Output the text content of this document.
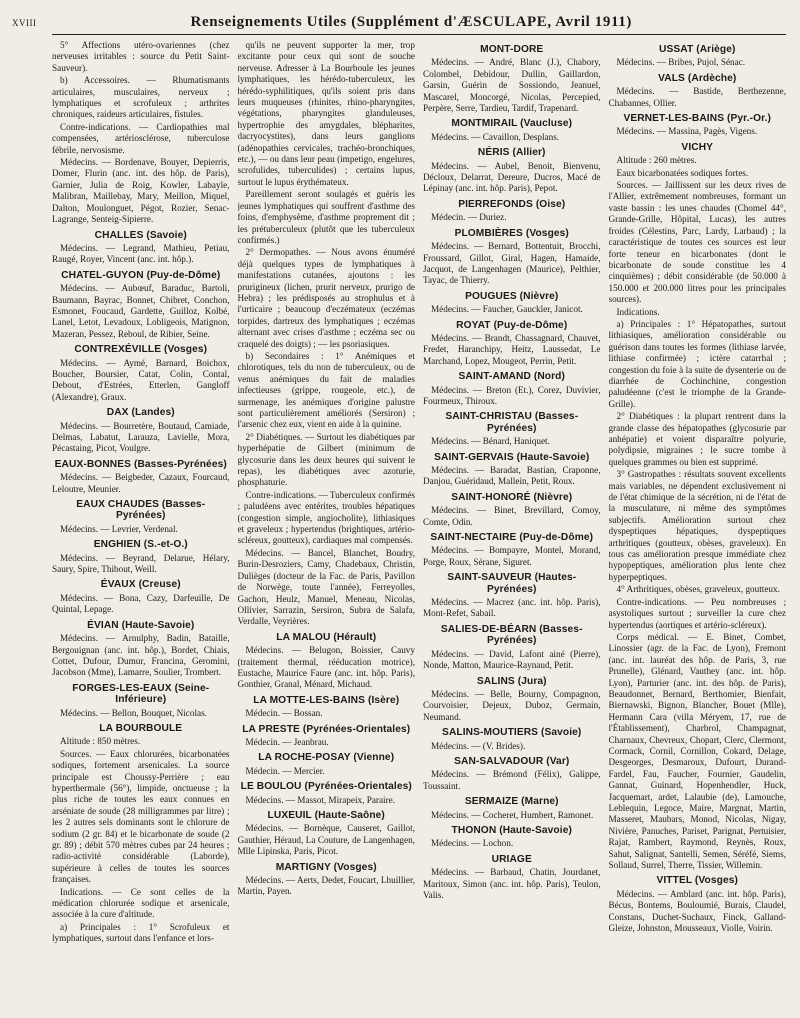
XVIII	Renseignements Utiles (Supplément d'ÆSCULAPE, Avril 1911)

5° Affections utéro-ovariennes (chez nerveuses irritables : source du Petit Saint-Sauveur).

b) Accessoires. — Rhumatismants articulaires, musculaires, nerveux ; lymphatiques et scrofuleux ; arthrites chroniques, raideurs articulaires, fistules.

Contre-indications. — Cardiopathies mal compensées, artériosclérose, tuberculose fébrile, nervosisme.

Médecins. — Bordenave, Bouyer, Depierris, Domer, Flurin (anc. int. des hôp. de Paris), Garnier, Julia de Roig, Kowler, Labayle, Malibran, Maillebay, Mary, Meillon, Miquel, Dalton, Moulonguet, Pégot, Rozier, Senac-Lagrange, Senteig-Sipierre.

CHALLES (Savoie)

Médecins. — Legrand, Mathieu, Petiau, Raugé, Royer, Vincent (anc. int. hôp.).

CHATEL-GUYON (Puy-de-Dôme)

Médecins. — Aubœuf, Baraduc, Bartoli, Baumann, Bayrac, Bonnet, Chibret, Conchon, Esmonet, Foucaud, Gardette, Guilloz, Kolbé, Lanel, Letot, Levadoux, Lobligeois, Matignon, Mazeran, Pessez, Reboul, de Ribier, Seine.

CONTREXÉVILLE (Vosges)

Médecins. — Aymé, Barnard, Boichox, Boucher, Boursier, Catat, Colin, Contal, Debout, d'Estrées, Etterlen, Gangloff (Alexandre), Graux.

DAX (Landes)

Médecins. — Bourretère, Boutaud, Camiade, Delmas, Labatut, Larauza, Lavielle, Mora, Pécastaing, Picot, Voulgre.

EAUX-BONNES (Basses-Pyrénées)

Médecins. — Beigbeder, Cazaux, Fourcaud, Leloutre, Meunier.

EAUX CHAUDES (Basses-Pyrénées)

Médecins. — Levrier, Verdenal.

ENGHIEN (S.-et-O.)

Médecins. — Beyrand, Delarue, Hélary, Saury, Spire, Thibout, Weill.

ÉVAUX (Creuse)

Médecins. — Bona, Cazy, Darfeuille, De Quintal, Lepage.

ÉVIAN (Haute-Savoie)

Médecins. — Arnulphy, Badin, Bataille, Bergouignan (anc. int. hôp.), Bordet, Chiais, Cottet, Dufour, Dumur, Francina, Geromini, Jacobson (Mme), Lamarre, Soulier, Trombert.

FORGES-LES-EAUX (Seine-Inférieure)

Médecins. — Bellon, Bouquet, Nicolas.

LA BOURBOULE

Altitude : 850 mètres.

Sources. — Eaux chlorurées, bicarbonatées sodiques, fortement arsenicales. La source principale est Choussy-Perrière ; eau hyperthermale (56°), limpide, onctueuse ; la plus riche de toutes les eaux connues en arséniate de soude (28 milligrammes par litre) ; les 2 autres sels dominants sont le chlorure de sodium (2 gr. 84) et le bicarbonate de soude (2 gr. 89) ; débit 570 mètres cubes par 24 heures ; radio-activité considérable (Laborde), supérieure à celles de toutes les sources françaises.

Indications. — Ce sont celles de la médication chlorurée sodique et arsenicale, associée à la cure d'altitude.

a) Principales : 1° Scrofuleux et lymphatiques, surtout dans l'enfance et lors-

qu'ils ne peuvent supporter la mer, trop excitante pour ceux qui sont de souche nerveuse. Adresser à La Bourboule les jeunes lymphatiques, les hérédo-tuberculeux, les hérédo-syphilitiques, qu'ils soient pris dans leurs muqueuses (rhinites, rhino-pharyngites, végétations, pharyngites glanduleuses, hypertrophie des amygdales, blépharites, dacryocystites), dans leurs ganglions (adénopathies cervicales, trachéo-bronchiques, etc.), — ou dans leur peau (impetigo, engelures, scrofulides, tuberculides) ; certains lupus, surtout le lupus érythémateux.

Pareillement seront soulagés et guéris les jeunes lymphatiques qui souffrent d'asthme des foins, d'emphysème, d'asthme proprement dit ; les prétuberculeux (plutôt que les tuberculeux confirmés.)

2° Dermopathes. — Nous avons énuméré déjà quelques types de lymphatiques à manifestations cutanées, ajoutons : les prurigineux (lichen, prurit nerveux, prurigo de Hebra) ; les prédisposés au strophulus et à l'urticaire ; beaucoup d'eczémateux (eczémas torpides, dartreux des lymphatiques ; eczémas alternant avec crises d'asthme ; eczéma sec ou craquelé des doigts) ; — les psoriasiques.

b) Secondaires : 1° Anémiques et chlorotiques, tels du non de tuberculeux, ou de venus anémiques du fait de maladies infectieuses (grippe, rougeole, etc.), de surmenage, les anémiques d'origine palustre sont particulièrement améliorés (Sersiron) ; l'arsenic chez eux, vient en aide à la quinine.

2° Diabétiques. — Surtout les diabétiques par hyperhépatie de Gilbert (minimum de glycosurie dans les deux heures qui suivent le repas), les diabétiques avec azoturie, phosphaturie.

Contre-indications. — Tuberculeux confirmés ; paludéens avec entérites, troubles hépatiques (congestion simple, angiocholite), lithiasiques et graveleux ; hypertendus (brightiques, artério-scléreux, goutteux), cardiaques mal compensés.

Médecins. — Bancel, Blanchet, Boudry, Burin-Desroziers, Camy, Chadebaux, Christin, Dulièges (docteur de la Fac. de Paris, Pavillon de Norwège, toute l'année), Ferreyolles, Gachon, Heulz, Manuel, Meneau, Nicolas, Ollivier, Sarrazin, Sersiron, Subra de Salafa, Verdalle, Veyrières.

LA MALOU (Hérault)

Médecins. — Belugon, Boissier, Cauvy (traitement thermal, rééducation motrice), Eustache, Maurice Faure (anc. int. hôp. Paris), Gonthier, Granal, Ménard, Michaud.

LA MOTTE-LES-BAINS (Isère)

Médecin. — Bossan.

LA PRESTE (Pyrénées-Orientales)

Médecin. — Jeanbrau.

LA ROCHE-POSAY (Vienne)

Médecin. — Mercier.

LE BOULOU (Pyrénées-Orientales)

Médecins. — Massot, Mirapeix, Paraire.

LUXEUIL (Haute-Saône)

Médecins. — Bornèque, Causeret, Gaillot, Gauthier, Héraud, La Couture, de Langenhagen, Mlle Lipinska, Paris, Picot.

MARTIGNY (Vosges)

Médecins. — Aerts, Dedet, Foucart, Lhuillier, Martin, Payen.

MONT-DORE

Médecins. — André, Blanc (J.), Chabory, Colombel, Debidour, Dullin, Gaillardon, Garsin, Guérin de Sossiondo, Jeanuel, Mascarel, Moncorgé, Nicolas, Percepied, Perpère, Serre, Tardieu, Tardif, Trapenard.

MONTMIRAIL (Vaucluse)

Médecins. — Cavaillon, Desplans.

NÉRIS (Allier)

Médecins. — Aubel, Benoit, Bienvenu, Décloux, Delarrat, Dereure, Ducros, Macé de Lépinay (anc. int. hôp. Paris), Pepot.

PIERREFONDS (Oise)

Médecin. — Duriez.

PLOMBIÈRES (Vosges)

Médecins. — Bernard, Bottentuit, Brocchi, Froussard, Gillot, Giral, Hagen, Hamaide, Jacquot, de Langenhagen (Maurice), Pelthier, Tayac, de Thierry.

POUGUES (Nièvre)

Médecins. — Faucher, Gauckler, Janicot.

ROYAT (Puy-de-Dôme)

Médecins. — Brandt, Chassagnard, Chauvet, Fredet, Haranchipy, Heitz, Laussedat, Le Marchand, Lopez, Mougeot, Perrin, Petit.

SAINT-AMAND (Nord)

Médecins. — Breton (Et.), Corez, Duvivier, Fourmeux, Thiroux.

SAINT-CHRISTAU (Basses-Pyrénées)

Médecins. — Bénard, Haniquet.

SAINT-GERVAIS (Haute-Savoie)

Médecins. — Baradat, Bastian, Craponne, Danjou, Guéridaud, Mallein, Petit, Roux.

SAINT-HONORÉ (Nièvre)

Médecins. — Binet, Brevillard, Comoy, Comte, Odin.

SAINT-NECTAIRE (Puy-de-Dôme)

Médecins. — Bompayre, Montel, Morand, Porge, Roux, Sérane, Siguret.

SAINT-SAUVEUR (Hautes-Pyrénées)

Médecins. — Macrez (anc. int. hôp. Paris), Mont-Refet, Sabail.

SALIES-DE-BÉARN (Basses-Pyrénées)

Médecins. — David, Lafont ainé (Pierre), Nonde, Matton, Maurice-Raynaud, Petit.

SALINS (Jura)

Médecins. — Belle, Bourny, Compagnon, Courvoisier, Dejeux, Duboz, Germain, Neumand.

SALINS-MOUTIERS (Savoie)

Médecins. — (V. Brides).

SAN-SALVADOUR (Var)

Médecins. — Brémond (Félix), Galippe, Toussaint.

SERMAIZE (Marne)

Médecins. — Cocheret, Humbert, Ramonet.

THONON (Haute-Savoie)

Médecins. — Lochon.

URIAGE

Médecins. — Barbaud, Chatin, Jourdanet, Maritoux, Simon (anc. int. hôp. Paris), Teulon, Valis.

USSAT (Ariège)

Médecins. — Bribes, Pujol, Sénac.

VALS (Ardèche)

Médecins. — Bastide, Berthezenne, Chabannes, Ollier.

VERNET-LES-BAINS (Pyr.-Or.)

Médecins. — Massina, Pagès, Vigens.

VICHY

Altitude : 260 mètres.

Eaux bicarbonatées sodiques fortes.

Sources. — Jaillissent sur les deux rives de l'Allier, extrêmement nombreuses, formant un vaste bassin : les unes chaudes (Chomel 44°, Grande-Grille, Hôpital, Lucas), les autres froides (Célestins, Parc, Lardy, Larbaud) ; la caractéristique de toutes ces sources est leur forte teneur en bicarbonates (dont le bicarbonate de soude constitue les 4 cinquièmes) ; débit considérable (de 50.000 à 150.000 et 200.000 litres pour les principales sources).

Indications.

a) Principales : 1° Hépatopathes, surtout lithiasiques, amélioration considérable ou guérison dans toutes les formes (lithiase larvée, lithiase confirmée) ; ictère catarrhal ; congestion du foie à la suite de dysenterie ou de diarrhée de Cochinchine, congestion paludéenne (c'est le triomphe de la Grande-Grille).

2° Diabétiques : la plupart rentrent dans la grande classe des hépatopathes (glycosurie par anhépatie) et voient disparaître polyurie, polydipsie, migraines ; le sucre tombe à quelques grammes ou bien est supprimé.

3° Gastropathes : résultats souvent excellents mais variables, ne dépendent exclusivement ni de l'état chimique de la sécrétion, ni de l'état de la musculature, ni même des symptômes subjectifs. Amélioration surtout chez dyspeptiques hépatiques, dyspeptiques arthritiques (goutteux, obèses, graveleux). En tous cas amélioration presque immédiate chez hypopeptiques, amélioration plus lente chez hyperpeptiques.

4° Arthritiques, obèses, graveleux, goutteux.

Contre-indications. — Peu nombreuses ; asystoliques surtout ; surveiller la cure chez hypertendus (aortiques et artério-scléreux).

Corps médical. — E. Binet, Combet, Linossier (agr. de la Fac. de Lyon), Fremont (anc. int. lauréat des hôp. de Paris, 3, rue Prunelle), Glénard, Vauthey (anc. int. hôp. Lyon), Parturier (anc. int. des hôp. de Paris), Beaudonnet, Bernard, Berthomier, Bienfait, Biernawski, Bignon, Blancher, Bouet (Mlle), Hermann Cara (villa Méryem, 17, rue de l'Établissement), Charbrol, Champagnat, Charnaux, Chevreux, Chopart, Clerc, Clermont, Cormack, Cornil, Cornillon, Cokard, Delage, Desgeorges, Desmaroux, Dufourt, Durand-Fardel, Fau, Faucher, Fournier, Gaudelin, Gannat, Guinard, Hopenhendler, Huck, Jacquemart, ardet, Lalaubie (de), Lamouche, Leblequin, Legoce, Maire, Margnat, Martin, Masseret, Maubars, Monod, Nicolas, Nigay, Nivière, Panuches, Pariset, Parignat, Pertuisier, Rajat, Rambert, Raymond, Reynès, Roux, Sahut, Salignat, Santelli, Semen, Séréfé, Siems, Sollaud, Surrel, Therre, Tissier, Willemin.

VITTEL (Vosges)

Médecins. — Amblard (anc. int. hôp. Paris), Bécus, Bontems, Bouloumié, Burais, Claudel, Constans, Duchet-Suchaux, Finck, Galland-Gleize, Johnston, Mousseaux, Violle, Voirin.
